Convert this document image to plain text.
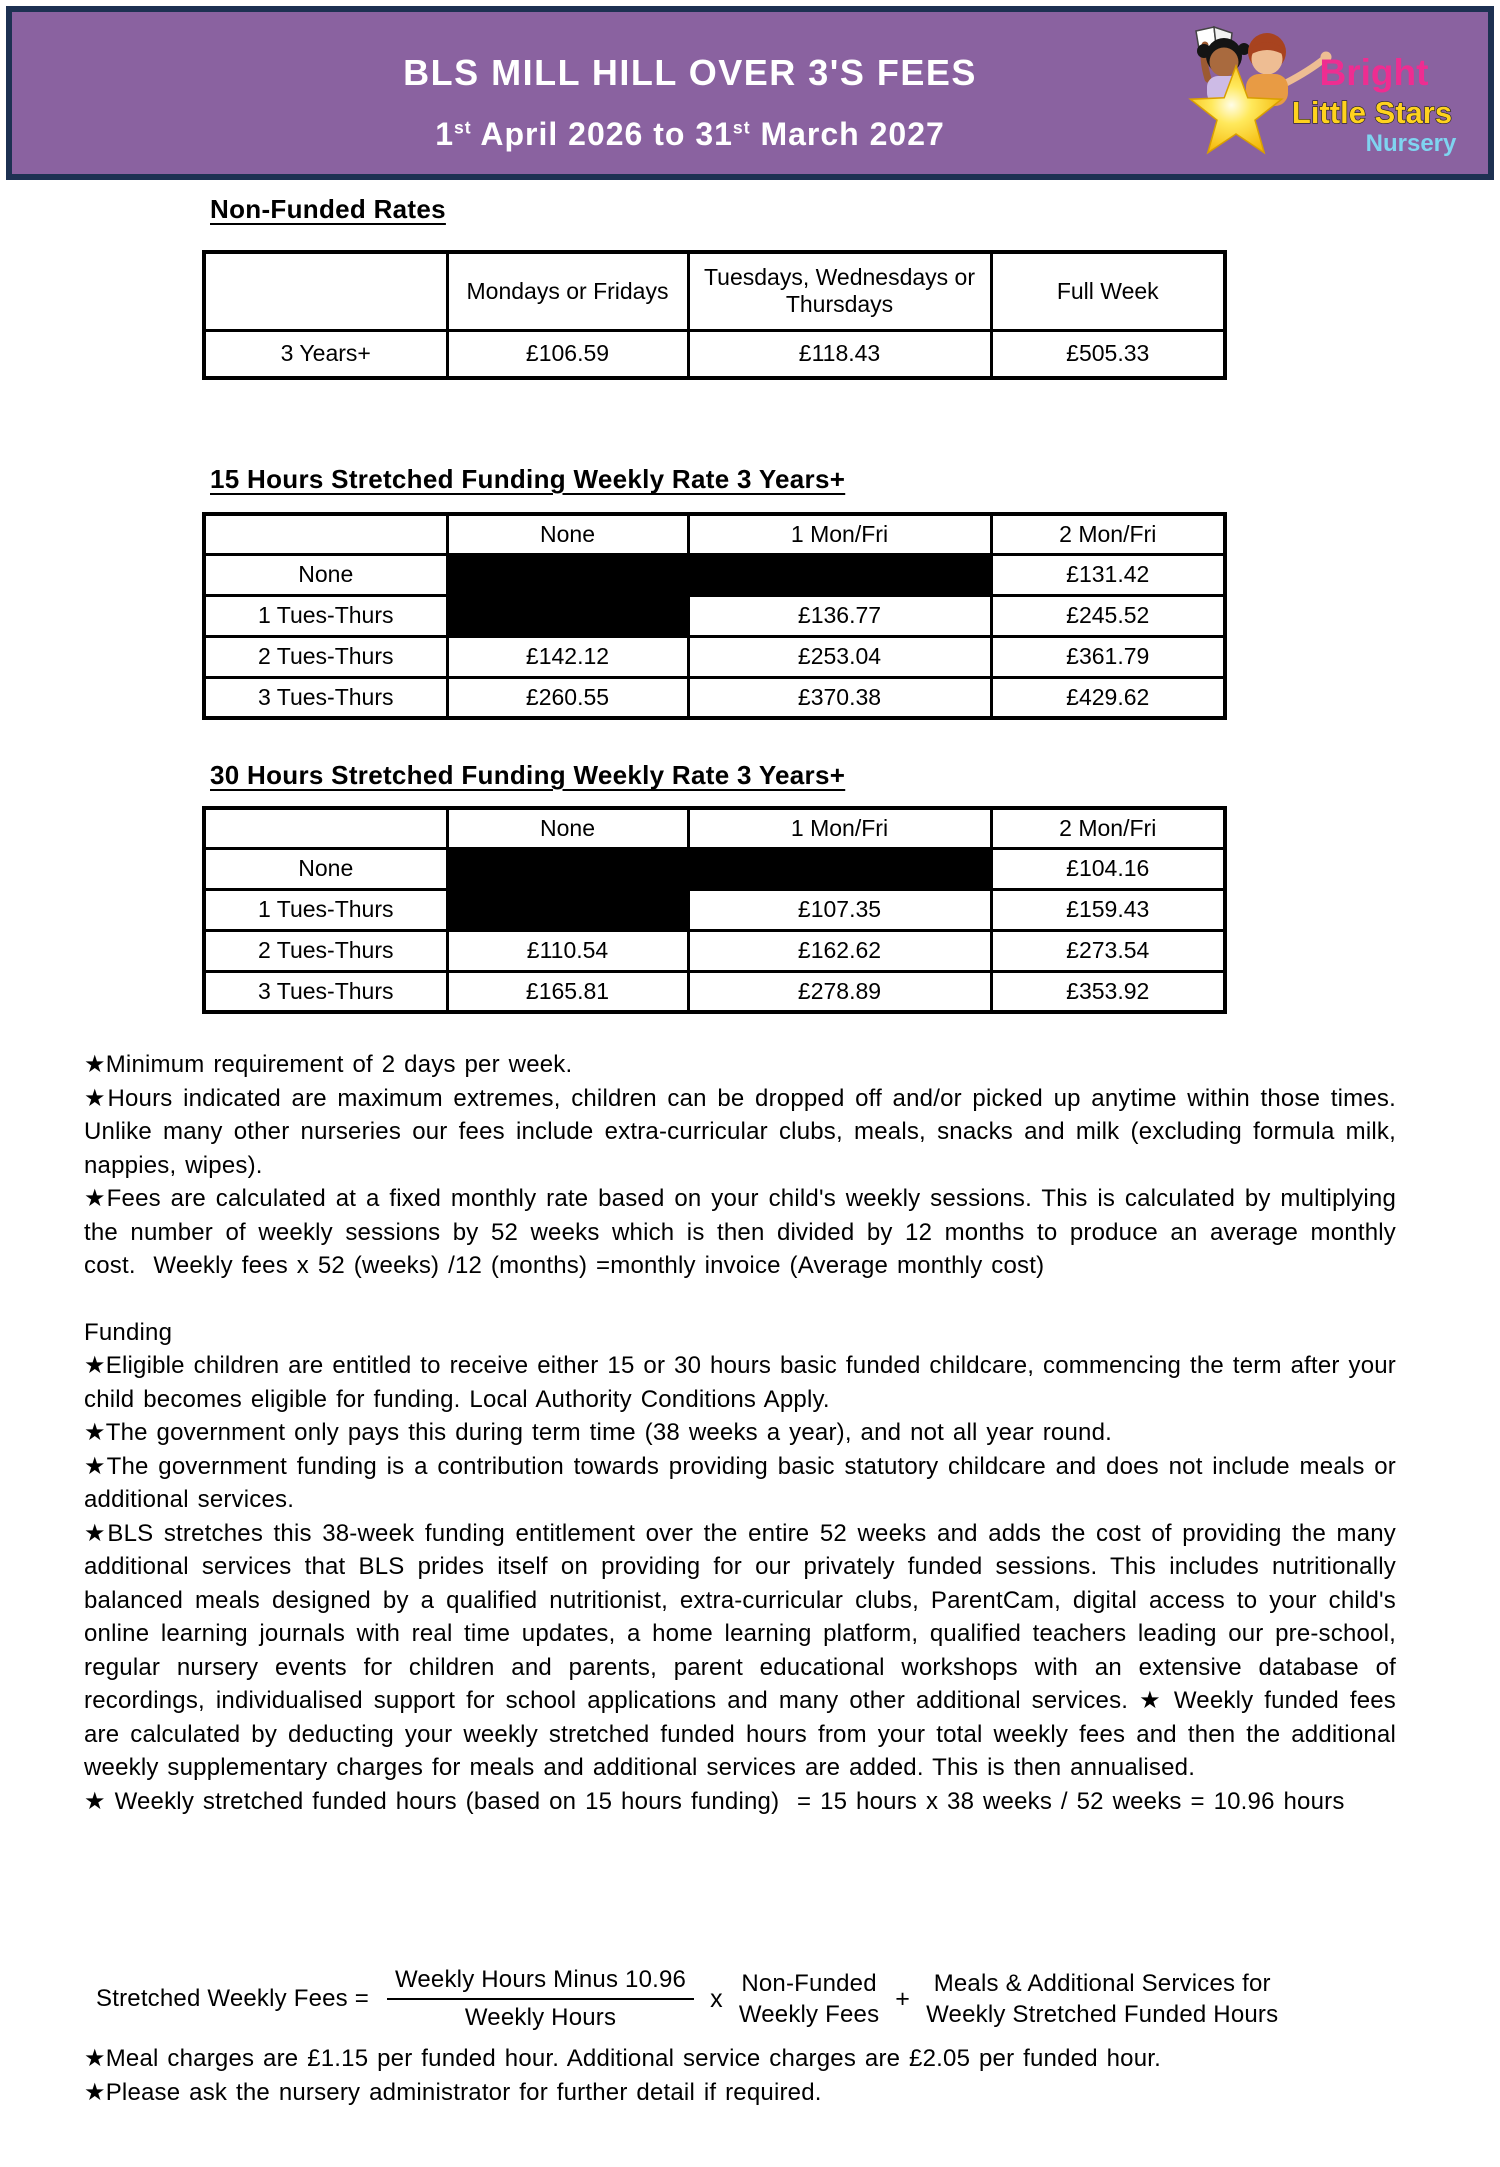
BLS MILL HILL OVER 3'S FEES
1st April 2026 to 31st March 2027
Bright
Little Stars
Nursery
Non-Funded Rates
	Mondays or Fridays	Tuesdays, Wednesdays or Thursdays	Full Week
3 Years+	£106.59	£118.43	£505.33
15 Hours Stretched Funding Weekly Rate 3 Years+
	None	1 Mon/Fri	2 Mon/Fri
None			£131.42
1 Tues-Thurs		£136.77	£245.52
2 Tues-Thurs	£142.12	£253.04	£361.79
3 Tues-Thurs	£260.55	£370.38	£429.62
30 Hours Stretched Funding Weekly Rate 3 Years+
	None	1 Mon/Fri	2 Mon/Fri
None			£104.16
1 Tues-Thurs		£107.35	£159.43
2 Tues-Thurs	£110.54	£162.62	£273.54
3 Tues-Thurs	£165.81	£278.89	£353.92

★Minimum requirement of 2 days per week.

★Hours indicated are maximum extremes, children can be dropped off and/or picked up anytime within those times. Unlike many other nurseries our fees include extra-curricular clubs, meals, snacks and milk (excluding formula milk, nappies, wipes).

★Fees are calculated at a fixed monthly rate based on your child's weekly sessions. This is calculated by multiplying the number of weekly sessions by 52 weeks which is then divided by 12 months to produce an average monthly cost.  Weekly fees x 52 (weeks) /12 (months) =monthly invoice (Average monthly cost)

Funding

★Eligible children are entitled to receive either 15 or 30 hours basic funded childcare, commencing the term after your child becomes eligible for funding. Local Authority Conditions Apply.

★The government only pays this during term time (38 weeks a year), and not all year round.

★The government funding is a contribution towards providing basic statutory childcare and does not include meals or additional services.

★BLS stretches this 38-week funding entitlement over the entire 52 weeks and adds the cost of providing the many additional services that BLS prides itself on providing for our privately funded sessions. This includes nutritionally balanced meals designed by a qualified nutritionist, extra-curricular clubs, ParentCam, digital access to your child's online learning journals with real time updates, a home learning platform, qualified teachers leading our pre-school, regular nursery events for children and parents, parent educational workshops with an extensive database of recordings, individualised support for school applications and many other additional services. ★ Weekly funded fees are calculated by deducting your weekly stretched funded hours from your total weekly fees and then the additional weekly supplementary charges for meals and additional services are added. This is then annualised.

★ Weekly stretched funded hours (based on 15 hours funding)  = 15 hours x 38 weeks / 52 weeks = 10.96 hours

Stretched Weekly Fees = $\frac{\text{Weekly Hours Minus 10.96}}{\text{Weekly Hours}}$ x
Non-Funded
Weekly Fees
+
Meals & Additional Services for
Weekly Stretched Funded Hours

★Meal charges are £1.15 per funded hour. Additional service charges are £2.05 per funded hour.

★Please ask the nursery administrator for further detail if required.
